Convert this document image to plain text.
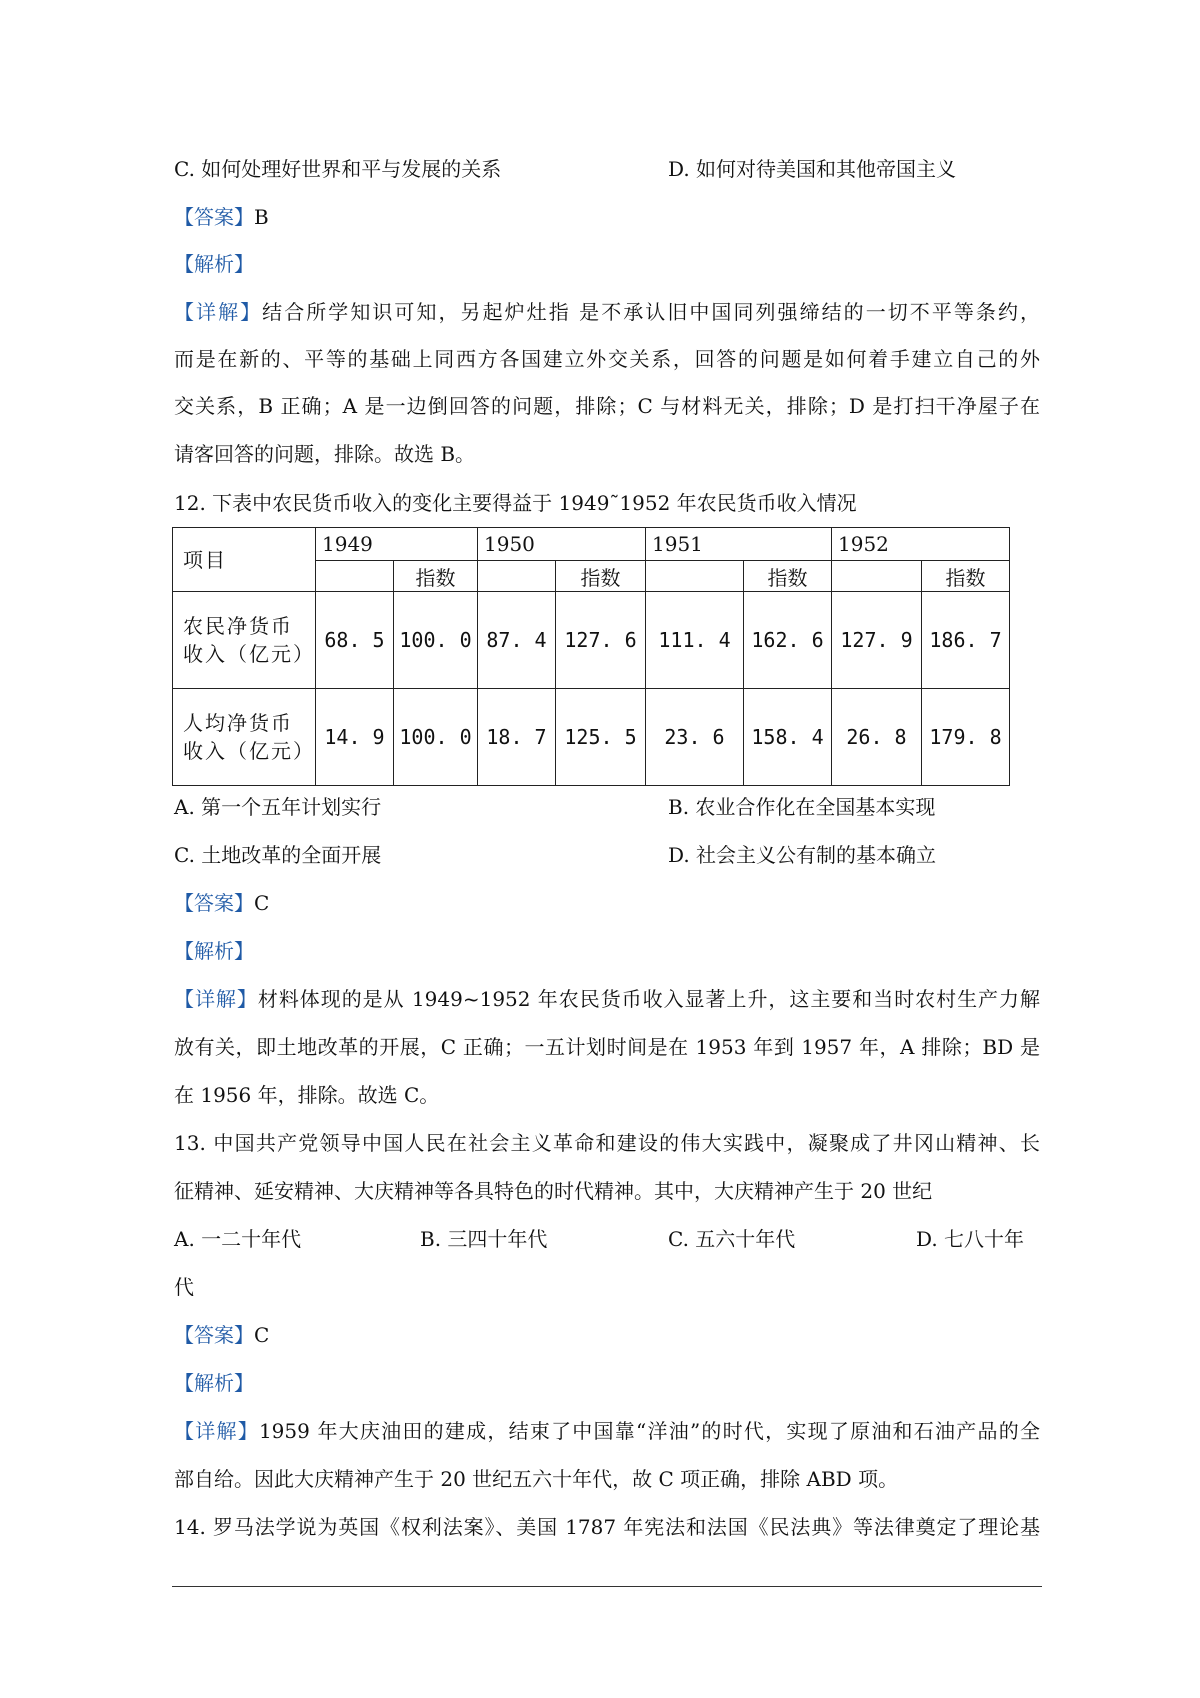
C. 如何处理好世界和平与发展的关系	D. 如何对待美国和其他帝国主义
【答案】B
【解析】
【详解】结合所学知识可知，另起炉灶指 是不承认旧中国同列强缔结的一切不平等条约，
而是在新的、平等的基础上同西方各国建立外交关系，回答的问题是如何着手建立自己的外
交关系，B 正确；A 是一边倒回答的问题，排除；C 与材料无关，排除；D 是打扫干净屋子在
请客回答的问题，排除。故选 B。
12. 下表中农民货币收入的变化主要得益于 1949˜1952 年农民货币收入情况
项目	1949		1950		1951		1952	
		指数		指数		指数		指数

农民净货币
收入（亿元）	68. 5	100. 0	87. 4	127. 6	111. 4	162. 6	127. 9	186. 7

人均净货币
收入（亿元）	14. 9	100. 0	18. 7	125. 5	23. 6	158. 4	26. 8	179. 8
A. 第一个五年计划实行	B. 农业合作化在全国基本实现
C. 土地改革的全面开展	D. 社会主义公有制的基本确立
【答案】C
【解析】
【详解】材料体现的是从 1949~1952 年农民货币收入显著上升，这主要和当时农村生产力解
放有关，即土地改革的开展，C 正确；一五计划时间是在 1953 年到 1957 年，A 排除；BD 是
在 1956 年，排除。故选 C。
13. 中国共产党领导中国人民在社会主义革命和建设的伟大实践中，凝聚成了井冈山精神、长
征精神、延安精神、大庆精神等各具特色的时代精神。其中，大庆精神产生于 20 世纪
A. 一二十年代	B. 三四十年代	C. 五六十年代	D. 七八十年
代
【答案】C
【解析】
【详解】1959 年大庆油田的建成，结束了中国靠“洋油”的时代，实现了原油和石油产品的全
部自给。因此大庆精神产生于 20 世纪五六十年代，故 C 项正确，排除 ABD 项。
14. 罗马法学说为英国《权利法案》、美国 1787 年宪法和法国《民法典》等法律奠定了理论基
